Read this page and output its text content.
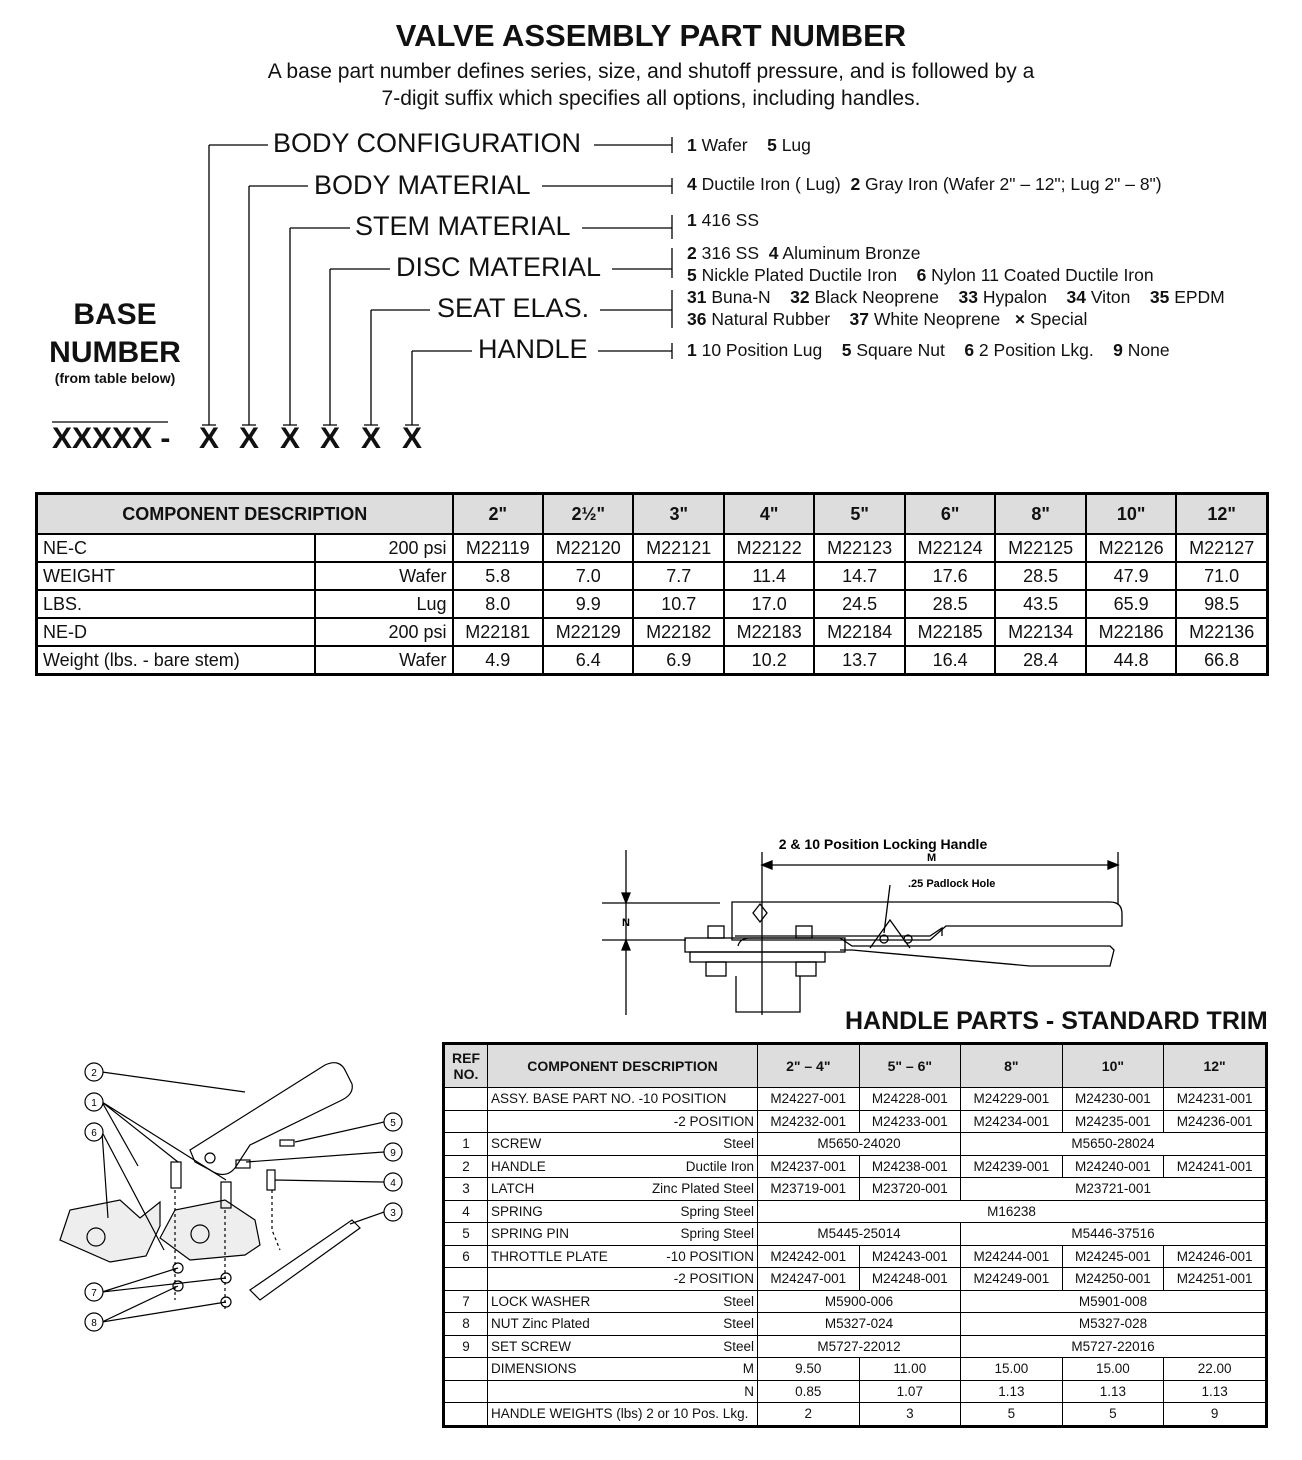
VALVE ASSEMBLY PART NUMBER
A base part number defines series, size, and shutoff pressure, and is followed by a
7-digit suffix which specifies all options, including handles.
BODY CONFIGURATION
BODY MATERIAL
STEM MATERIAL
DISC MATERIAL
SEAT ELAS.
HANDLE
1 Wafer 5 Lug
4 Ductile Iron ( Lug) 2 Gray Iron (Wafer 2" – 12"; Lug 2" – 8")
1 416 SS
2 316 SS 4 Aluminum Bronze
5 Nickle Plated Ductile Iron 6 Nylon 11 Coated Ductile Iron
31 Buna-N 32 Black Neoprene 33 Hypalon 34 Viton 35 EPDM
36 Natural Rubber 37 White Neoprene × Special
1 10 Position Lug 5 Square Nut 6 2 Position Lkg. 9 None
BASE NUMBER
(from table below)
XXXXX - X X X X X X
COMPONENT DESCRIPTION		2"	2½"	3"	4"	5"	6"	8"	10"	12"
NE-C	200 psi	M22119	M22120	M22121	M22122	M22123	M22124	M22125	M22126	M22127
WEIGHT	Wafer	5.8	7.0	7.7	11.4	14.7	17.6	28.5	47.9	71.0
LBS.	Lug	8.0	9.9	10.7	17.0	24.5	28.5	43.5	65.9	98.5
NE-D	200 psi	M22181	M22129	M22182	M22183	M22184	M22185	M22134	M22186	M22136
Weight (lbs. - bare stem)	Wafer	4.9	6.4	6.9	10.2	13.7	16.4	28.4	44.8	66.8
2 & 10 Position Locking Handle
M
N
.25 Padlock Hole
HANDLE PARTS - STANDARD TRIM
2
1
6
5
9
4
3
7
8
REF NO.	COMPONENT DESCRIPTION	2" – 4"	5" – 6"	8"	10"	12"

	ASSY. BASE PART NO. -10 POSITION	M24227-001	M24228-001	M24229-001	M24230-001	M24231-001

	-2 POSITION	M24232-001	M24233-001	M24234-001	M24235-001	M24236-001
1	SCREW Steel	M5650-24020		M5650-28024		
2	HANDLE Ductile Iron	M24237-001	M24238-001	M24239-001	M24240-001	M24241-001
3	LATCH Zinc Plated Steel	M23719-001	M23720-001	M23721-001		
4	SPRING Spring Steel	M16238				
5	SPRING PIN Spring Steel	M5445-25014		M5446-37516		
6	THROTTLE PLATE -10 POSITION	M24242-001	M24243-001	M24244-001	M24245-001	M24246-001

	-2 POSITION	M24247-001	M24248-001	M24249-001	M24250-001	M24251-001
7	LOCK WASHER Steel	M5900-006		M5901-008		
8	NUT Zinc Plated Steel	M5327-024		M5327-028		
9	SET SCREW Steel	M5727-22012		M5727-22016		

	DIMENSIONS M	9.50	11.00	15.00	15.00	22.00

	N	0.85	1.07	1.13	1.13	1.13

	HANDLE WEIGHTS (lbs) 2 or 10 Pos. Lkg.	2	3	5	5	9
